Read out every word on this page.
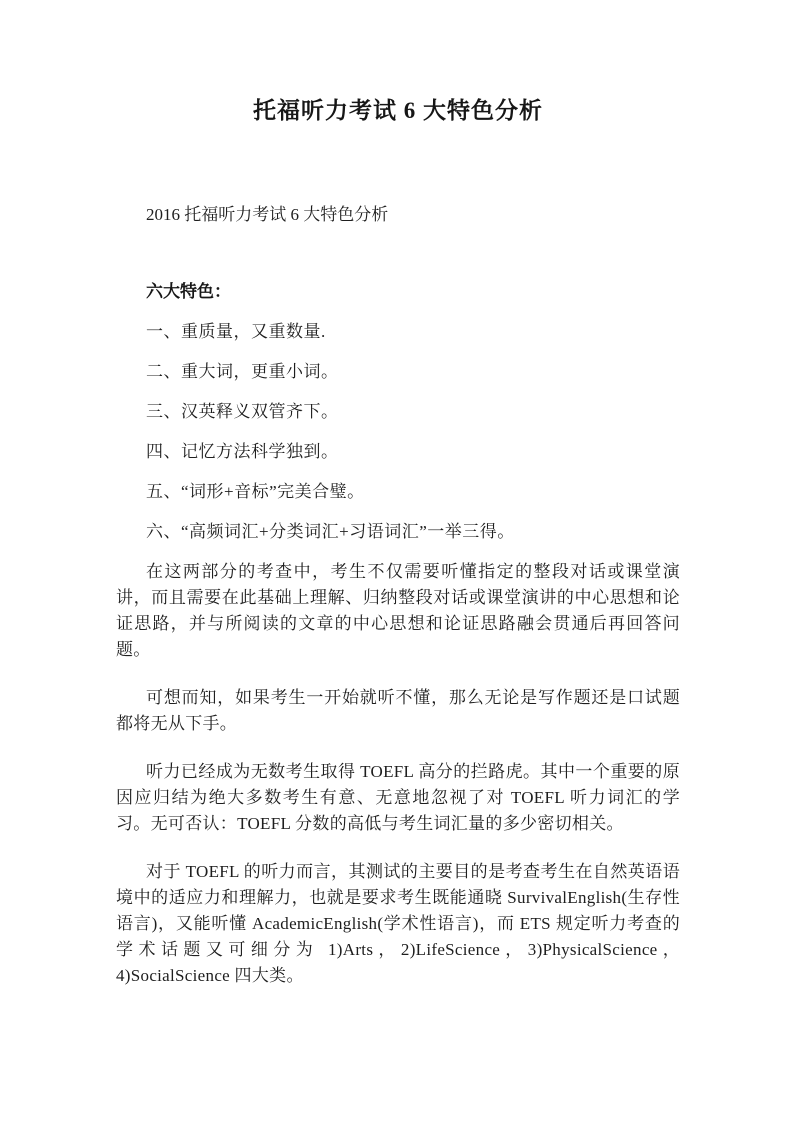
托福听力考试 6 大特色分析

2016 托福听力考试 6 大特色分析

六大特色：

一、重质量，又重数量.

二、重大词，更重小词。

三、汉英释义双管齐下。

四、记忆方法科学独到。

五、“词形+音标”完美合璧。

六、“高频词汇+分类词汇+习语词汇”一举三得。

在这两部分的考查中，考生不仅需要听懂指定的整段对话或课堂演讲，而且需要在此基础上理解、归纳整段对话或课堂演讲的中心思想和论证思路，并与所阅读的文章的中心思想和论证思路融会贯通后再回答问题。

可想而知，如果考生一开始就听不懂，那么无论是写作题还是口试题都将无从下手。

听力已经成为无数考生取得 TOEFL 高分的拦路虎。其中一个重要的原因应归结为绝大多数考生有意、无意地忽视了对 TOEFL 听力词汇的学习。无可否认：TOEFL 分数的高低与考生词汇量的多少密切相关。

对于 TOEFL 的听力而言，其测试的主要目的是考查考生在自然英语语境中的适应力和理解力，也就是要求考生既能通晓 SurvivalEnglish(生存性语言)，又能听懂 AcademicEnglish(学术性语言)，而 ETS 规定听力考查的学术话题又可细分为 1)Arts，2)LifeScience，3)PhysicalScience，4)SocialScience 四大类。
